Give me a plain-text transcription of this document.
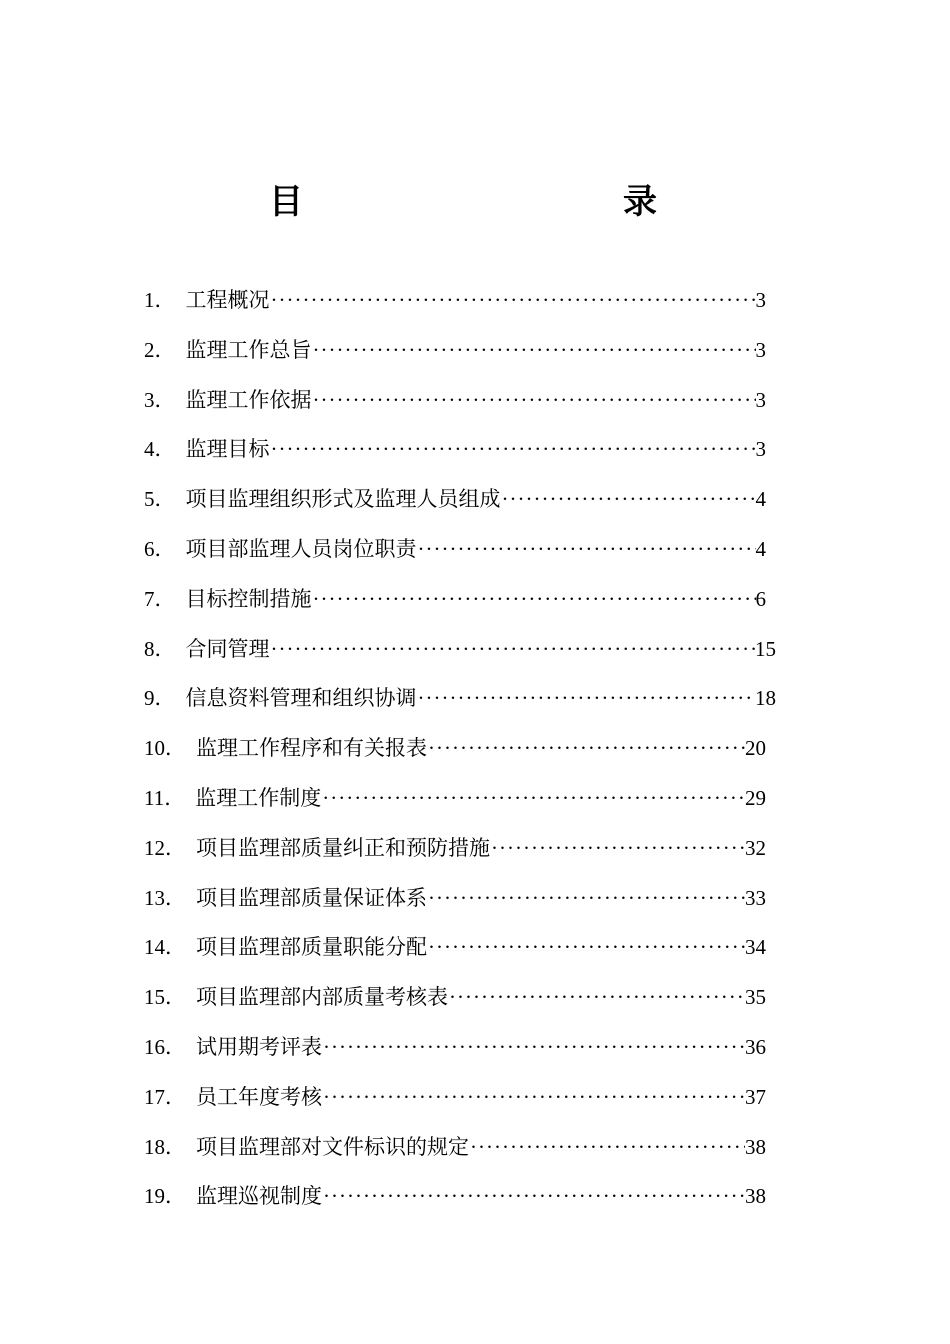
目　　录
1． 工程概况 ·····	3
2． 监理工作总旨 ·····	3
3． 监理工作依据 ·····	3
4． 监理目标 ·····	3
5． 项目监理组织形式及监理人员组成 ·····	4
6． 项目部监理人员岗位职责 ·····	4
7． 目标控制措施 ·····	6
8． 合同管理 ·····	15
9． 信息资料管理和组织协调 ·····	18
10． 监理工作程序和有关报表 ·····	20
11． 监理工作制度 ·····	29
12． 项目监理部质量纠正和预防措施 ·····	32
13． 项目监理部质量保证体系 ·····	33
14． 项目监理部质量职能分配 ·····	34
15． 项目监理部内部质量考核表 ·····	35
16． 试用期考评表 ·····	36
17． 员工年度考核 ·····	37
18． 项目监理部对文件标识的规定 ·····	38
19． 监理巡视制度 ·····	38
